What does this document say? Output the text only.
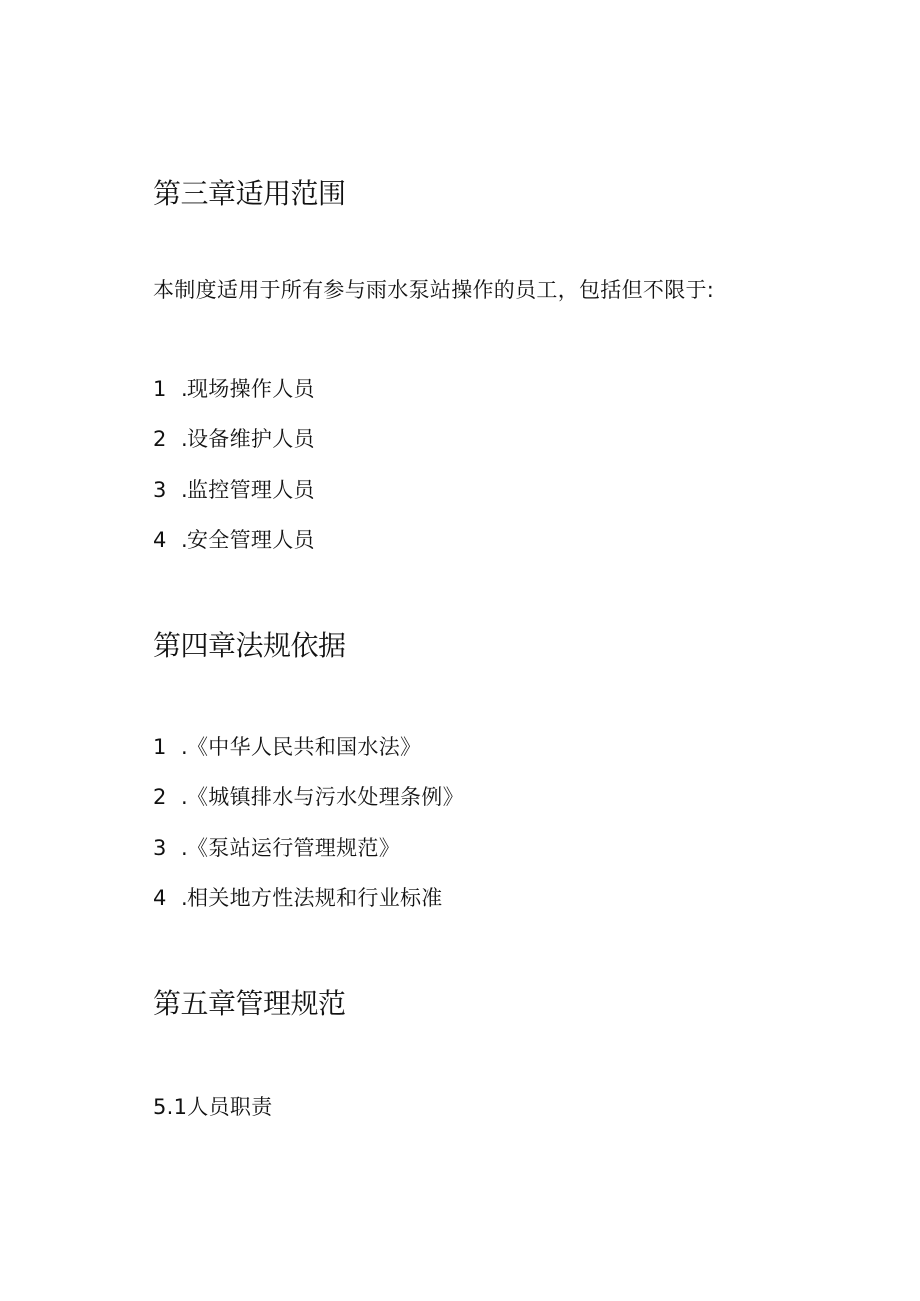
第三章适用范围

本制度适用于所有参与雨水泵站操作的员工，包括但不限于:

1 .
现场操作人员
2 .
设备维护人员
3 .
监控管理人员
4 .
安全管理人员
第四章法规依据
1 .
《中华人民共和国水法》
2 .
《城镇排水与污水处理条例》
3 .
《泵站运行管理规范》
4 .
相关地方性法规和行业标准
第五章管理规范

5.1人员职责
